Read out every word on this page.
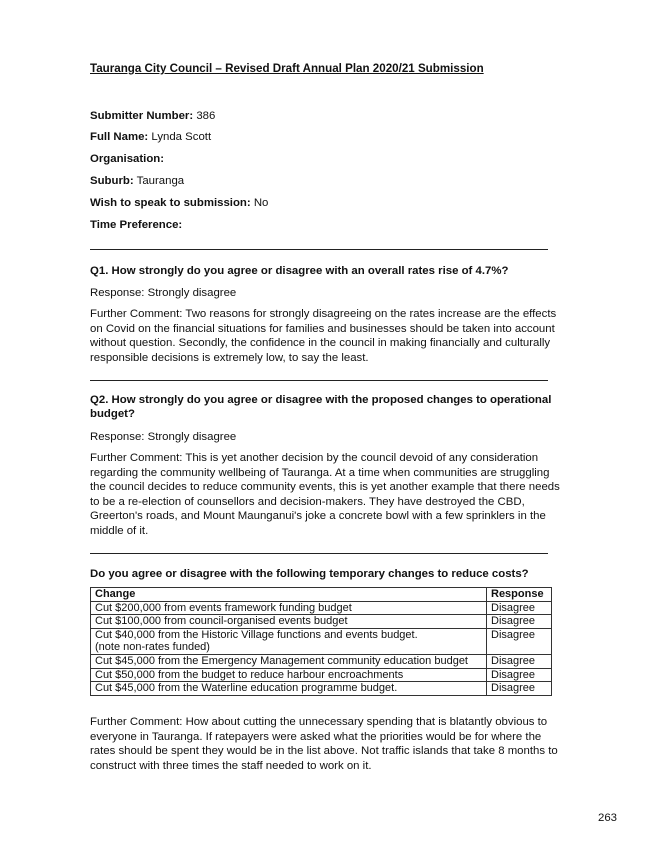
Tauranga City Council – Revised Draft Annual Plan 2020/21 Submission
Submitter Number: 386
Full Name: Lynda Scott
Organisation:
Suburb: Tauranga
Wish to speak to submission: No
Time Preference:
Q1. How strongly do you agree or disagree with an overall rates rise of 4.7%?
Response: Strongly disagree
Further Comment: Two reasons for strongly disagreeing on the rates increase are the effects on Covid on the financial situations for families and businesses should be taken into account without question. Secondly, the confidence in the council in making financially and culturally responsible decisions is extremely low, to say the least.
Q2. How strongly do you agree or disagree with the proposed changes to operational budget?
Response: Strongly disagree
Further Comment: This is yet another decision by the council devoid of any consideration regarding the community wellbeing of Tauranga. At a time when communities are struggling the council decides to reduce community events, this is yet another example that there needs to be a re-election of counsellors and decision-makers. They have destroyed the CBD, Greerton's roads, and Mount Maunganui's joke a concrete bowl with a few sprinklers in the middle of it.
Do you agree or disagree with the following temporary changes to reduce costs?
Change	Response
Cut $200,000 from events framework funding budget	Disagree
Cut $100,000 from council-organised events budget	Disagree

Cut $40,000 from the Historic Village functions and events budget.
(note non-rates funded)	Disagree
Cut $45,000 from the Emergency Management community education budget	Disagree
Cut $50,000 from the budget to reduce harbour encroachments	Disagree
Cut $45,000 from the Waterline education programme budget.	Disagree
Further Comment: How about cutting the unnecessary spending that is blatantly obvious to everyone in Tauranga. If ratepayers were asked what the priorities would be for where the rates should be spent they would be in the list above. Not traffic islands that take 8 months to construct with three times the staff needed to work on it.
263
